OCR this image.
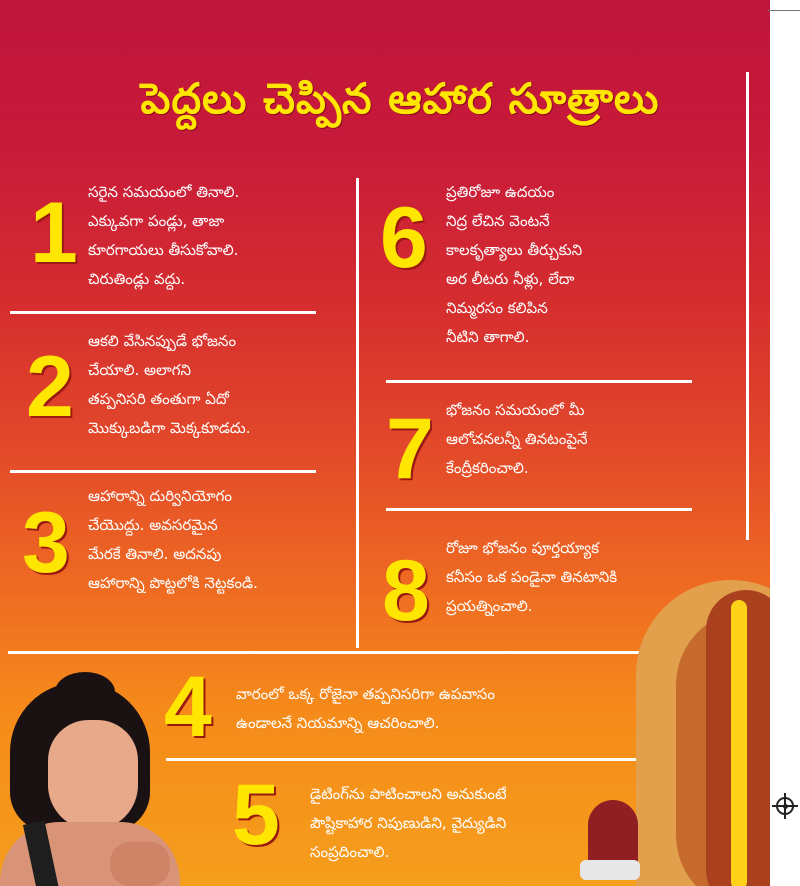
పెద్దలు చెప్పిన ఆహార సూత్రాలు
1 సరైన సమయంలో తినాలి.
ఎక్కువగా పండ్లు, తాజా
కూరగాయలు తీసుకోవాలి.
చిరుతిండ్లు వద్దు.
2 ఆకలి వేసినప్పుడే భోజనం
చేయాలి. అలాగని
తప్పనిసరి తంతుగా ఏదో
మొక్కుబడిగా మెక్కకూడదు.
3 ఆహారాన్ని దుర్వినియోగం
చేయొద్దు. అవసరమైన
మేరకే తినాలి. అదనపు
ఆహారాన్ని పొట్టలోకి నెట్టకండి.
6 ప్రతిరోజూ ఉదయం
నిద్ర లేచిన వెంటనే
కాలకృత్యాలు తీర్చుకుని
అర లీటరు నీళ్లు, లేదా
నిమ్మరసం కలిపిన
నీటిని తాగాలి.
7 భోజనం సమయంలో మీ
ఆలోచనలన్నీ తినటంపైనే
కేంద్రీకరించాలి.
8 రోజూ భోజనం పూర్తయ్యాక
కనీసం ఒక పండైనా తినటానికి
ప్రయత్నించాలి.
4 వారంలో ఒక్క రోజైనా తప్పనిసరిగా ఉపవాసం
ఉండాలనే నియమాన్ని ఆచరించాలి.
5 డైటింగ్‌ను పాటించాలని అనుకుంటే
పౌష్టికాహార నిపుణుడిని, వైద్యుడిని
సంప్రదించాలి.
